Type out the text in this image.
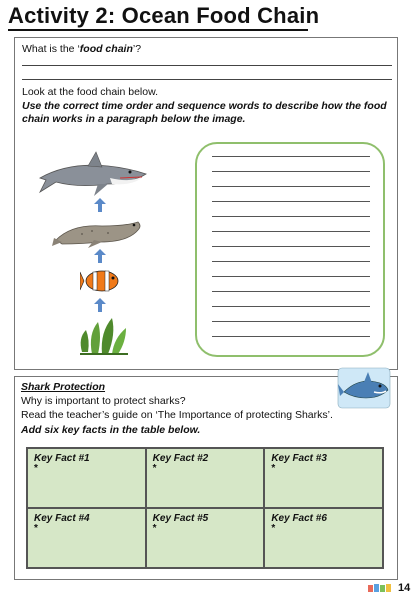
Activity 2: Ocean Food Chain
What is the ‘food chain’?
Look at the food chain below.
Use the correct time order and sequence words to describe how the food
chain works in a paragraph below the image.
Shark Protection
Why is important to protect sharks?
Read the teacher’s guide on ‘The Importance of protecting Sharks’.
Add six key facts in the table below.
Key Fact #1
*
Key Fact #2
*
Key Fact #3
*
Key Fact #4
*
Key Fact #5
*
Key Fact #6
*
14
